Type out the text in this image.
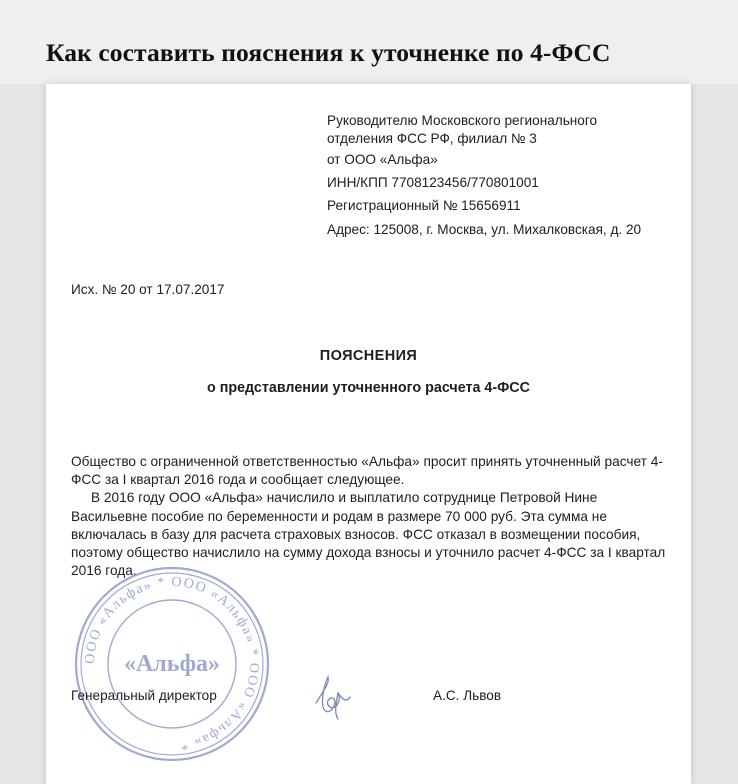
Как составить пояснения к уточненке по 4-ФСС
Руководителю Московского регионального
отделения ФСС РФ, филиал № 3
от ООО «Альфа»
ИНН/КПП 7708123456/770801001
Регистрационный № 15656911
Адрес: 125008, г. Москва, ул. Михалковская, д. 20
Исх. № 20 от 17.07.2017
ПОЯСНЕНИЯ
о представлении уточненного расчета 4-ФСС

Общество с ограниченной ответственностью «Альфа» просит принять уточненный расчет 4-ФСС за I квартал 2016 года и сообщает следующее.

В 2016 году ООО «Альфа» начислило и выплатило сотруднице Петровой Нине Васильевне пособие по беременности и родам в размере 70 000 руб. Эта сумма не включалась в базу для расчета страховых взносов. ФСС отказал в возмещении пособия, поэтому общество начислило на сумму дохода взносы и уточнило расчет 4-ФСС за I квартал 2016 года.

ООО «Альфа» * ООО «Альфа» * ООО «Альфа» *
«Альфа»
Генеральный директор	А.С. Львов
